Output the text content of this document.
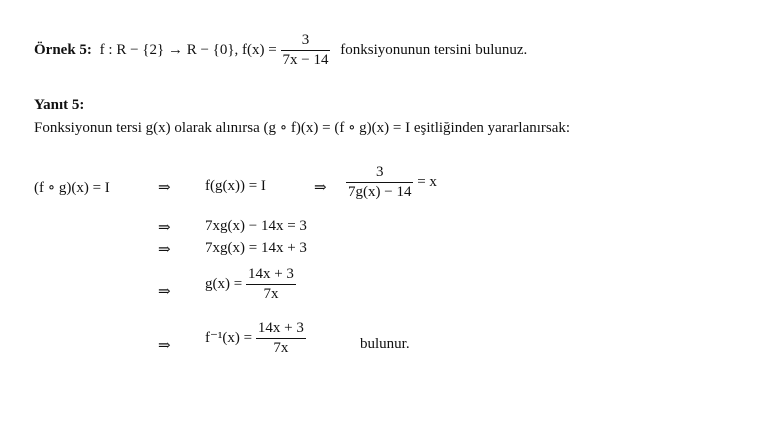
Örnek 5: f : R − {2} → R − {0}, $f(x) = \frac{3}{7x - 14}$ fonksiyonunun tersini bulunuz.
Yanıt 5:
Fonksiyonun tersi g(x) olarak alınırsa (g ∘ f)(x) = (f ∘ g)(x) = I eşitliğinden yararlanırsak:
(f ∘ g)(x) = I	⇒ f(g(x)) = I	⇒ $\frac{3}{7g(x) - 14} = x$
⇒ 7xg(x) − 14x = 3
⇒ 7xg(x) = 14x + 3
⇒
$g(x) = \frac{14x + 3}{7x}$
⇒
$f^{-1}(x) = \frac{14x + 3}{7x}$	bulunur.
